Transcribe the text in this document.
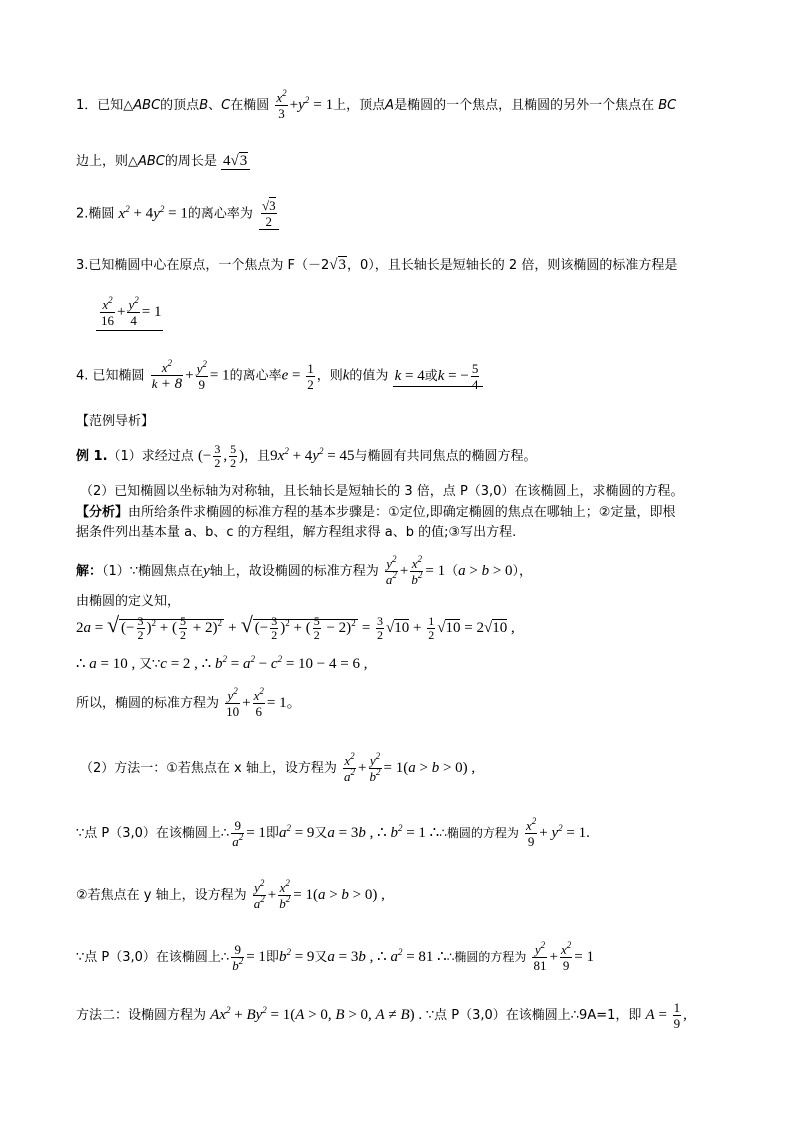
1．已知△ABC的顶点B、C在椭圆 $\frac{x^2}{3} +y^2 = 1$上，顶点A是椭圆的一个焦点，且椭圆的另外一个焦点在 BC
边上，则△ABC的周长是 4√3
2.椭圆 $x^2 + 4y^2 = 1$的离心率为 $\frac{√3}{2}$
3.已知椭圆中心在原点，一个焦点为 F（－2√3，0），且长轴长是短轴长的 2 倍，则该椭圆的标准方程是
$\frac{x^2}{16} + \frac{y^2}{4} = 1$
4. 已知椭圆 $\frac{x^2}{k + 8} + \frac{y^2}{9} = 1$的离心率$e = \frac{1}{2}$ ，则k的值为 k = 4或k = − $\frac{5}{4}$
【范例导析】
例 1.（1）求经过点 (− $\frac{3}{2}$ , $\frac{5}{2}$ )，且$9x^2 + 4y^2 = 45$与椭圆有共同焦点的椭圆方程。
（2）已知椭圆以坐标轴为对称轴，且长轴长是短轴长的 3 倍，点 P（3,0）在该椭圆上，求椭圆的方程。
【分析】由所给条件求椭圆的标准方程的基本步骤是：①定位,即确定椭圆的焦点在哪轴上；②定量，即根
据条件列出基本量 a、b、c 的方程组，解方程组求得 a、b 的值;③写出方程.
解：（1）∵椭圆焦点在y轴上，故设椭圆的标准方程为 $\frac{y^2}{a^2} + \frac{x^2}{b^2} = 1(a > b > 0)$，
由椭圆的定义知，
2a = √ (− $\frac{3}{2} )^2$ + ( $\frac{5}{2} + 2)^2$ + √ (− $\frac{3}{2} )^2$ + ( $\frac{5}{2} - 2)^2 = \frac{3}{2} √10 + \frac{1}{2} √10 = 2√10$ ,
∴ a = 10 , 又∵c = 2 , ∴ $b^2 = a^2 - c^2 = 10 - 4 = 6$ ,
所以，椭圆的标准方程为 $\frac{y^2}{10} + \frac{x^2}{6} = 1$。
（2）方法一：①若焦点在 x 轴上，设方程为 $\frac{x^2}{a^2} + \frac{y^2}{b^2} = 1(a > b > 0)$ ,
∵点 P（3,0）在该椭圆上∴ $\frac{9}{a^2} = 1$即$a^2 = 9$又a = 3b , ∴ $b^2 = 1$ ∴∴椭圆的方程为 $\frac{x^2}{9} + y^2 = 1$.
②若焦点在 y 轴上，设方程为 $\frac{y^2}{a^2} + \frac{x^2}{b^2} = 1(a > b > 0)$ ,
∵点 P（3,0）在该椭圆上∴ $\frac{9}{b^2} = 1$即$b^2 = 9$又a = 3b , ∴ $a^2 = 81$ ∴∴椭圆的方程为 $\frac{y^2}{81} + \frac{x^2}{9} = 1$
方法二：设椭圆方程为 $Ax^2 + By^2 = 1(A > 0$, B > 0, A ≠ B) . ∵点 P（3,0）在该椭圆上∴9A=1，即 $A = \frac{1}{9}$ ,
